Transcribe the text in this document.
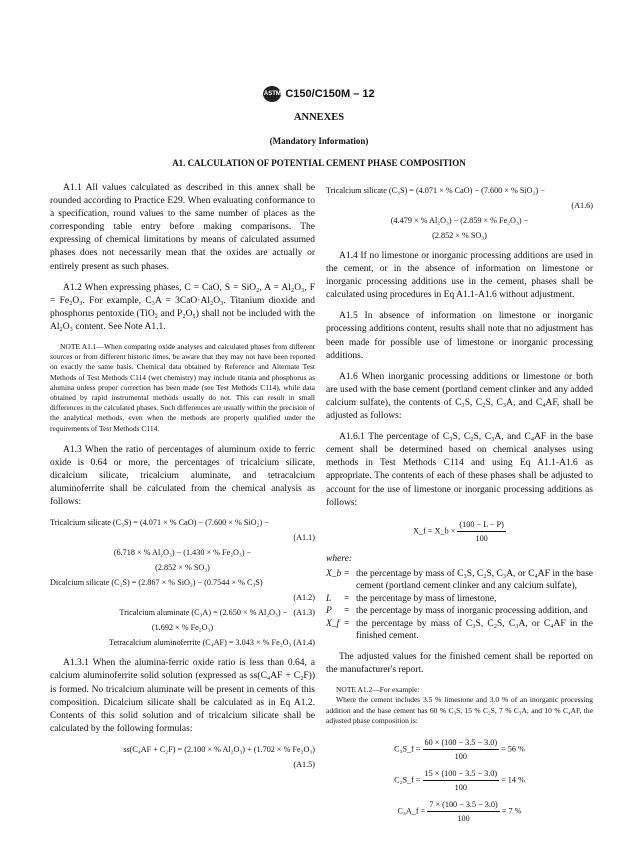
ASTM C150/C150M – 12
ANNEXES
(Mandatory Information)
A1. CALCULATION OF POTENTIAL CEMENT PHASE COMPOSITION

A1.1 All values calculated as described in this annex shall be rounded according to Practice E29. When evaluating conformance to a specification, round values to the same number of places as the corresponding table entry before making comparisons. The expressing of chemical limitations by means of calculated assumed phases does not necessarily mean that the oxides are actually or entirely present as such phases.

A1.2 When expressing phases, C = CaO, S = SiO₂, A = Al₂O₃, F = Fe₂O₃. For example, C₃A = 3CaO·Al₂O₃. Titanium dioxide and phosphorus pentoxide (TiO₂ and P₂O₅) shall not be included with the Al₂O₃ content. See Note A1.1.

NOTE A1.1—When comparing oxide analyses and calculated phases from different sources or from different historic times, be aware that they may not have been reported on exactly the same basis. Chemical data obtained by Reference and Alternate Test Methods of Test Methods C114 (wet chemistry) may include titania and phosphorus as alumina unless proper correction has been made (see Test Methods C114), while data obtained by rapid instrumental methods usually do not. This can result in small differences in the calculated phases. Such differences are usually within the precision of the analytical methods, even when the methods are properly qualified under the requirements of Test Methods C114.

A1.3 When the ratio of percentages of aluminum oxide to ferric oxide is 0.64 or more, the percentages of tricalcium silicate, dicalcium silicate, tricalcium aluminate, and tetracalcium aluminoferrite shall be calculated from the chemical analysis as follows:

Tricalcium silicate (C₃S) = (4.071 × % CaO) − (7.600 × % SiO₂) −
(A1.1)
(6.718 × % Al₂O₃) − (1.430 × % Fe₂O₃) −
(2.852 × % SO₃)
Dicalcium silicate (C₂S) = (2.867 × % SiO₂) − (0.7544 × % C₃S)
(A1.2)
Tricalcium aluminate (C₃A) = (2.650 × % Al₂O₃) − (A1.3)
(1.692 × % Fe₂O₃)
Tetracalcium aluminoferrite (C₄AF) = 3.043 × % Fe₂O₃ (A1.4)

A1.3.1 When the alumina-ferric oxide ratio is less than 0.64, a calcium aluminoferrite solid solution (expressed as ss(C₄AF + C₂F)) is formed. No tricalcium aluminate will be present in cements of this composition. Dicalcium silicate shall be calculated as in Eq A1.2. Contents of this solid solution and of tricalcium silicate shall be calculated by the following formulas:

ss(C₄AF + C₂F) = (2.100 × % Al₂O₃) + (1.702 × % Fe₂O₃)
(A1.5)
Tricalcium silicate (C₃S) = (4.071 × % CaO) − (7.600 × % SiO₂) −
(A1.6)
(4.479 × % Al₂O₃) − (2.859 × % Fe₂O₃) −
(2.852 × % SO₃)

A1.4 If no limestone or inorganic processing additions are used in the cement, or in the absence of information on limestone or inorganic processing additions use in the cement, phases shall be calculated using procedures in Eq A1.1-A1.6 without adjustment.

A1.5 In absence of information on limestone or inorganic processing additions content, results shall note that no adjustment has been made for possible use of limestone or inorganic processing additions.

A1.6 When inorganic processing additions or limestone or both are used with the base cement (portland cement clinker and any added calcium sulfate), the contents of C₃S, C₂S, C₃A, and C₄AF, shall be adjusted as follows:

A1.6.1 The percentage of C₃S, C₂S, C₃A, and C₄AF in the base cement shall be determined based on chemical analyses using methods in Test Methods C114 and using Eq A1.1-A1.6 as appropriate. The contents of each of these phases shall be adjusted to account for the use of limestone or inorganic processing additions as follows:

X_f = X_b × $\frac{(100 - L - P)}{100}$
where:
X_b	=	the percentage by mass of C₃S, C₂S, C₃A, or C₄AF in the base cement (portland cement clinker and any calcium sulfate),
L	=	the percentage by mass of limestone,
P	=	the percentage by mass of inorganic processing addition, and
X_f	=	the percentage by mass of C₃S, C₂S, C₃A, or C₄AF in the finished cement.

The adjusted values for the finished cement shall be reported on the manufacturer's report.

NOTE A1.2—For example:

Where the cement includes 3.5 % limestone and 3.0 % of an inorganic processing addition and the base cement has 60 % C₃S, 15 % C₂S, 7 % C₃A, and 10 % C₄AF, the adjusted phase composition is:

C₃S_f = $\frac{60 \times (100 - 3.5 - 3.0)}{100} = 56$ %
C₂S_f = $\frac{15 \times (100 - 3.5 - 3.0)}{100} = 14$ %
C₃A_f = $\frac{7 \times (100 - 3.5 - 3.0)}{100} = 7$ %
